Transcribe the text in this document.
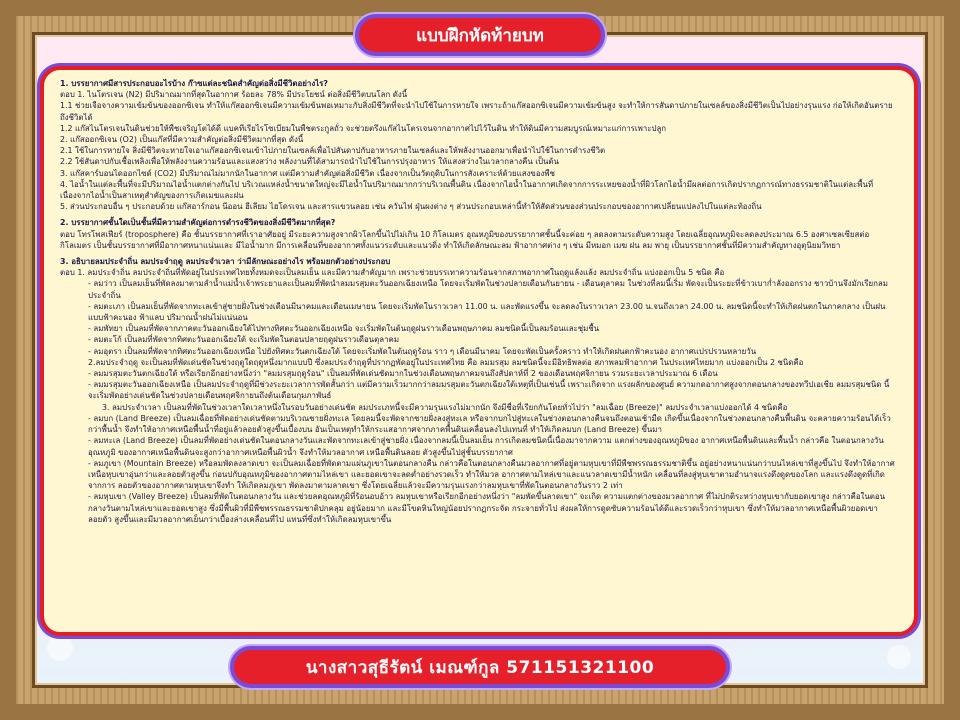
แบบฝึกหัดท้ายบท

1. บรรยากาศมีสารประกอบอะไรบ้าง ก๊าซแต่ละชนิดสำคัญต่อสิ่งมีชีวิตอย่างไร?

ตอบ 1. ไนโตรเจน (N2) มีปริมาณมากที่สุดในอากาศ ร้อยละ 78% มีประโยชน์ ต่อสิ่งมีชีวิตบนโลก ดังนี้

1.1 ช่วยเจือจางความเข้มข้นของออกซิเจน ทำให้แก๊สออกซิเจนมีความเข้มข้นพอเหมาะกับสิ่งมีชีวิตที่จะนำไปใช้ในการหายใจ เพราะถ้าแก๊สออกซิเจนมีความเข้มข้นสูง จะทำให้การสันดาปภายในเซลล์ของสิ่งมีชีวิตเป็นไปอย่างรุนแรง ก่อให้เกิดอันตรายถึงชีวิตได้

1.2 แก๊สไนโตรเจนในดินช่วยให้พืชเจริญโตได้ดี แบคทีเรียไรโซเบียมในพืชตระกูลถั่ว จะช่วยตรึงแก๊สไนโตรเจนจากอากาศไปไว้ในดิน ทำให้ดินมีความสมบูรณ์เหมาะแก่การเพาะปลูก

2. แก๊สออกซิเจน (O2) เป็นแก๊สที่มีความสำคัญต่อสิ่งมีชีวิตมากที่สุด ดังนี้

2.1 ใช้ในการหายใจ สิ่งมีชีวิตจะหายใจเอาแก๊สออกซิเจนเข้าไปภายในเซลล์เพื่อไปสันดาปกับอาหารภายในเซลล์และให้พลังงานออกมาเพื่อนำไปใช้ในการดำรงชีวิต

2.2 ใช้สันดาปกับเชื้อเพลิงเพื่อให้พลังงานความร้อนและแสงสว่าง พลังงานที่ได้สามารถนำไปใช้ในการปรุงอาหาร ให้แสงสว่างในเวลากลางคืน เป็นต้น

3. แก๊สคาร์บอนไดออกไซด์ (CO2) มีปริมาณไม่มากนักในอากาศ แต่มีความสำคัญต่อสิ่งมีชีวิต เนื่องจากเป็นวัตถุดิบในการสังเคราะห์ด้วยแสงของพืช

4. ไอน้ำในแต่ละพื้นที่จะมีปริมาณไอน้ำแตกต่างกันไป บริเวณแหล่งน้ำขนาดใหญ่จะมีไอน้ำในปริมาณมากกว่าบริเวณพื้นดิน เนื่องจากไอน้ำในอากาศเกิดจากการระเหยของน้ำที่ผิวโลกไอน้ำมีผลต่อการเกิดปรากฏการณ์ทางธรรมชาติในแต่ละพื้นที่ เนื่องจากไอน้ำเป็นสาเหตุสำคัญของการเกิดเมฆและฝน

5. ส่วนประกอบอื่น ๆ ประกอบด้วย แก๊สอาร์กอน นีออน ฮีเลียม ไฮโดรเจน และสารแขวนลอย เช่น ควันไฟ ฝุ่นผงต่าง ๆ ส่วนประกอบเหล่านี้ทำให้สัดส่วนของส่วนประกอบของอากาศเปลี่ยนแปลงไปในแต่ละท้องถิ่น

2. บรรยากาศชั้นใดเป็นชั้นที่มีความสำคัญต่อการดำรงชีวิตของสิ่งมีชีวิตมากที่สุด?

ตอบ โทรโพสเฟียร์ (troposphere) คือ ชั้นบรรยากาศที่เราอาศัยอยู่ มีระยะความสูงจากผิวโลกขึ้นไปไม่เกิน 10 กิโลเมตร อุณหภูมิของบรรยากาศชั้นนี้จะค่อย ๆ ลดลงตามระดับความสูง โดยเฉลี่ยอุณหภูมิจะลดลงประมาณ 6.5 องศาเซลเซียสต่อกิโลเมตร เป็นชั้นบรรยากาศที่มีอากาศหนาแน่นและ มีไอน้ำมาก มีการเคลื่อนที่ของอากาศทั้งแนวระดับและแนวดิ่ง ทำให้เกิดลักษณะลม ฟ้าอากาศต่าง ๆ เช่น มีหมอก เมฆ ฝน ลม พายุ เป็นบรรยากาศชั้นที่มีความสำคัญทางอุตุนิยมวิทยา

3. อธิบายลมประจำถิ่น ลมประจำฤดู ลมประจำเวลา ว่ามีลักษณะอย่างไร พร้อมยกตัวอย่างประกอบ

ตอบ 1. ลมประจำถิ่น ลมประจำถิ่นที่พัดอยู่ในประเทศไทยทั้งหมดจะเป็นลมเย็น และมีความสำคัญมาก เพราะช่วยบรรเทาความร้อนจากสภาพอากาศในฤดูแล้งแล้ง ลมประจำถิ่น แบ่งออกเป็น 5 ชนิด คือ

- ลมว่าว เป็นลมเย็นที่พัดลงมาตามลำน้ำแม่น้ำเจ้าพระยาและเป็นลมที่พัดนำลมมรสุมตะวันออกเฉียงเหนือ โดยจะเริ่มพัดในช่วงปลายเดือนกันยายน - เดือนตุลาคม ในช่วงที่ลมนี้เริ่ม พัดจะเป็นระยะที่ข้าวเบาก่ำลังออกรวง ชาวบ้านจึงมักเรียกลมประจำถิ่น

- ลมตะเภา เป็นลมเย็นที่พัดจากทะเลเข้าสู่ชายฝั่งในช่วงเดือนมีนาคมและเดือนเมษายน โดยจะเริ่มพัดในราวเวลา 11.00 น. และพัดแรงขึ้น จะลดลงในราวเวลา 23.00 น.จนถึงเวลา 24.00 น. ลมชนิดนี้จะทำให้เกิดฝนตกในภาคกลาง เป็นฝนแบบฟ้าคะนอง ฟ้าแลบ ปริมาณน้ำฝนไม่แน่นอน

- ลมพัทยา เป็นลมที่พัดจากภาคตะวันออกเฉียงใต้ไปทางทิศตะวันออกเฉียงเหนือ จะเริ่มพัดในต้นฤดูฝนราวเดือนพฤษภาคม ลมชนิดนี้เป็นลมร้อนและชุ่มชื้น

- ลมตะโก้ เป็นลมที่พัดจากทิศตะวันออกเฉียงใต้ จะเริ่มพัดในตอนปลายฤดูฝนราวเดือนตุลาคม

- ลมอุตรา เป็นลมที่พัดจากทิศตะวันออกเฉียงเหนือ ไปยังทิศตะวันตกเฉียงใต้ โดยจะเริ่มพัดในต้นฤดูร้อน ราว ๆ เดือนมีนาคม โดยจะพัดเป็นครั้งคราว ทำให้เกิดฝนตกฟ้าคะนอง อากาศแปรปรวนหลายวัน

2.ลมประจำฤดู จะเป็นลมที่พัดเด่นชัดในช่วงฤดูใดฤดูหนึ่งมากแบบปี ซึ่งลมประจำฤดูที่ปรากฏพัดอยู่ในประเทศไทย คือ ลมมรสุม ลมชนิดนี้จะมีอิทธิพลต่อ สภาพลมฟ้าอากาศ ในประเทศไทยมาก แบ่งออกเป็น 2 ชนิดคือ

- ลมมรสุมตะวันตกเฉียงใต้ หรือเรียกอีกอย่างหนึ่งว่า "ลมมรสุมฤดูร้อน" เป็นลมที่พัดเด่นชัดมากในช่วงเดือนพฤษภาคมจนถึงสัปดาห์ที่ 2 ของเดือนพฤศจิกายน รวมระยะเวลาประมาณ 6 เดือน

- ลมมรสุมตะวันออกเฉียงเหนือ เป็นลมประจำฤดูที่มีช่วงระยะเวลาการพัดสั้นกว่า แต่มีความเร็วมากกว่าลมมรสุมตะวันตกเฉียงใต้เหตุที่เป็นเช่นนี้ เพราะเกิดจาก แรงผลักของศูนย์ ความกดอากาศสูงจากตอนกลางของทวีปเอเชีย ลมมรสุมชนิด นี้จะเริ่มพัดอย่างเด่นชัดในช่วงปลายเดือนพฤศจิกายนถึงต้นเดือนกุมภาพันธ์

3. ลมประจำเวลา เป็นลมที่พัดในช่วงเวลาใดเวลาหนึ่งในรอบวันอย่างเด่นชัด ลมประเภทนี้จะมีความรุนแรงไม่มากนัก จึงมีชื่อที่เรียกกันโดยทั่วไปว่า "ลมเฉื่อย (Breeze)" ลมประจำเวลาแบ่งออกได้ 4 ชนิดคือ

- ลมบก (Land Breeze) เป็นลมเฉื่อยที่พัดอย่างเด่นชัดตามบริเวณชายฝั่งทะเล โดยลมนี้จะพัดจากชายฝั่งลงสู่ทะเล หรือจากบกไปสู่ทะเลในช่วงตอนกลางคืนจนถึงตอนเช้ามืด เกิดขึ้นเนื่องจากในช่วงตอนกลางคืนพื้นดิน จะคลายความร้อนได้เร็วกว่าพื้นน้ำ จึงทำให้อากาศเหนือพื้นน้ำที่อยู่แล้วลอยตัวสูงขึ้นเบื้องบน อันเป็นเหตุทำให้กระแสอากาศจากภาคพื้นดินเคลื่อนลงไปแทนที่ ทำให้เกิดลมบก (Land Breeze) ขึ้นมา

- ลมทะเล (Land Breeze) เป็นลมที่พัดอย่างเด่นชัดในตอนกลางวันและพัดจากทะเลเข้าสู่ชายฝั่ง เนื่องจากลมนี้เป็นลมเย็น การเกิดลมชนิดนี้เนื่องมาจากความ แตกต่างของอุณหภูมิของ อากาศเหนือพื้นดินและพื้นน้ำ กล่าวคือ ในตอนกลางวันอุณหภูมิ ของอากาศเหนือพื้นดินจะสูงกว่าอากาศเหนือพื้นผิวน้ำ จึงทำให้มวลอากาศ เหนือพื้นดินลอย ตัวสูงขึ้นไปสู่ชั้นบรรยากาศ

- ลมภูเขา (Mountain Breeze) หรือลมพัดลงลาดเขา จะเป็นลมเฉื่อยที่พัดตามแผ่นภูเขาในตอนกลางคืน กล่าวคือในตอนกลางคืนมวลอากาศที่อยู่ตามหุบเขาที่มีพืชพรรณธรรมชาติขึ้น อยู่อย่างหนาแน่นกว่าบนไหล่เขาที่สูงขึ้นไป จึงทำให้อากาศเหนือหุบเขาอุ่นกว่าและลอยตัวสูงขึ้น ก่อนปกับอุณหภูมิของอากาศตามไหล่เขา และยอดเขาจะลดต่ำอย่างรวดเร็ว ทำให้มวล อากาศตามไหล่เขาและแนวลาดเขามีน้ำหนัก เคลื่อนที่ลงสู่หุบเขาตามอำนาจแรงดึงดูดของโลก และแรงดึงดูดที่เกิดจากการ ลอยตัวของอากาศตามหุบเขาจึงทำ ให้เกิดลมภูเขา พัดลงมาตามลาดเขา ซึ่งโดยเฉลี่ยแล้วจะมีความรุนแรงกว่าลมหุบเขาที่พัดในตอนกลางวันราว 2 เท่า

- ลมหุบเขา (Valley Breeze) เป็นลมที่พัดในตอนกลางวัน และช่วยลดอุณหภูมิที่ร้อนอบอ้าว ลมหุบเขาหรือเรียกอีกอย่างหนึ่งว่า "ลมพัดขึ้นลาดเขา" จะเกิด ความแตกต่างของมวลอากาศ ที่ไม่ปกติระหว่างหุบเขากับยอดเขาสูง กล่าวคือในตอนกลางวันตามไหล่เขาและยอดเขาสูง ซึ่งมีพื้นผิวที่มีพืชพรรณธรรมชาติปกคลุม อยู่น้อยมาก และมีโขดหินใหญ่น้อยปรากฏกระจัด กระจายทั่วไป ส่งผลให้การดูดซับความร้อนได้ดีและรวดเร็วกว่าหุบเขา ซึ่งทำให้มวลอากาศเหนือพื้นผิวยอดเขาลอยตัว สูงขึ้นและมีมวลอากาศเย็นกว่าเบื้องล่างเคลื่อนที่ไป แทนที่ซึ่งทำให้เกิดลมหุบเขาขึ้น

นางสาวสุธีรัตน์ เมณฑ์กูล 571151321100
